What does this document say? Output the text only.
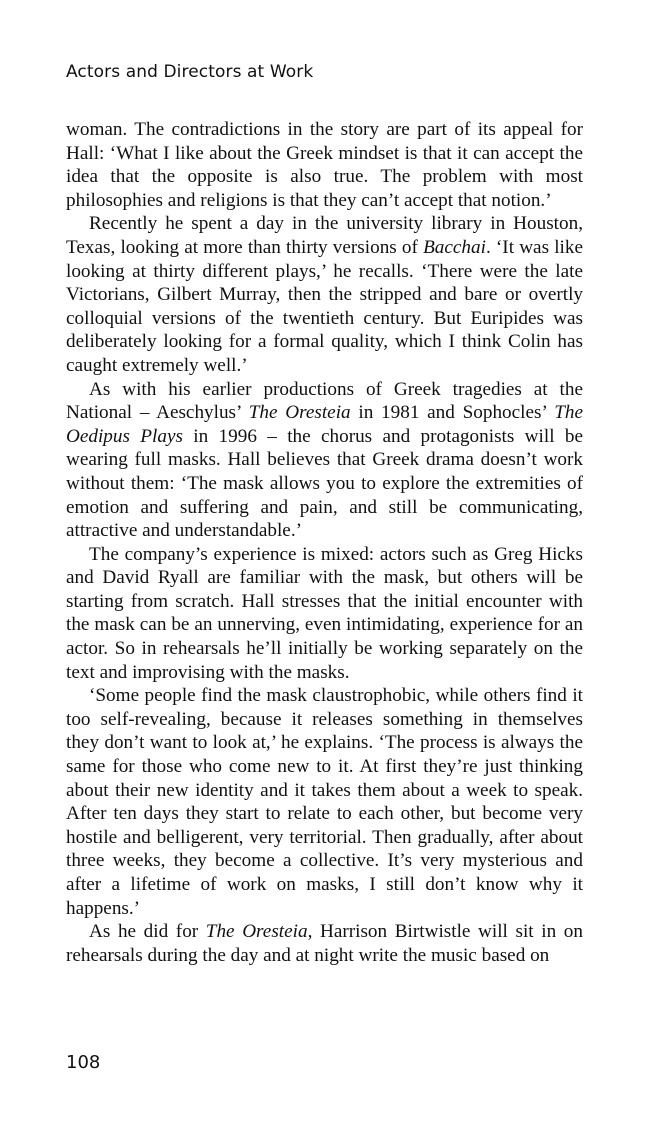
Actors and Directors at Work

woman. The contradictions in the story are part of its appeal for Hall: ‘What I like about the Greek mindset is that it can accept the idea that the opposite is also true. The problem with most philosophies and religions is that they can’t accept that notion.’

Recently he spent a day in the university library in Houston, Texas, looking at more than thirty versions of Bacchai. ‘It was like looking at thirty different plays,’ he recalls. ‘There were the late Victorians, Gilbert Murray, then the stripped and bare or overtly colloquial versions of the twentieth century. But Euripides was deliberately looking for a formal quality, which I think Colin has caught extremely well.’

As with his earlier productions of Greek tragedies at the National – Aeschylus’ The Oresteia in 1981 and Sophocles’ The Oedipus Plays in 1996 – the chorus and protagonists will be wearing full masks. Hall believes that Greek drama doesn’t work without them: ‘The mask allows you to explore the extremities of emotion and suffering and pain, and still be communicating, attractive and understandable.’

The company’s experience is mixed: actors such as Greg Hicks and David Ryall are familiar with the mask, but others will be starting from scratch. Hall stresses that the initial encounter with the mask can be an unnerving, even intimidating, experience for an actor. So in rehearsals he’ll initially be working separately on the text and improvising with the masks.

‘Some people find the mask claustrophobic, while others find it too self-revealing, because it releases something in themselves they don’t want to look at,’ he explains. ‘The process is always the same for those who come new to it. At first they’re just thinking about their new identity and it takes them about a week to speak. After ten days they start to relate to each other, but become very hostile and belligerent, very territorial. Then gradually, after about three weeks, they become a collective. It’s very mysterious and after a lifetime of work on masks, I still don’t know why it happens.’

As he did for The Oresteia, Harrison Birtwistle will sit in on rehearsals during the day and at night write the music based on

108
